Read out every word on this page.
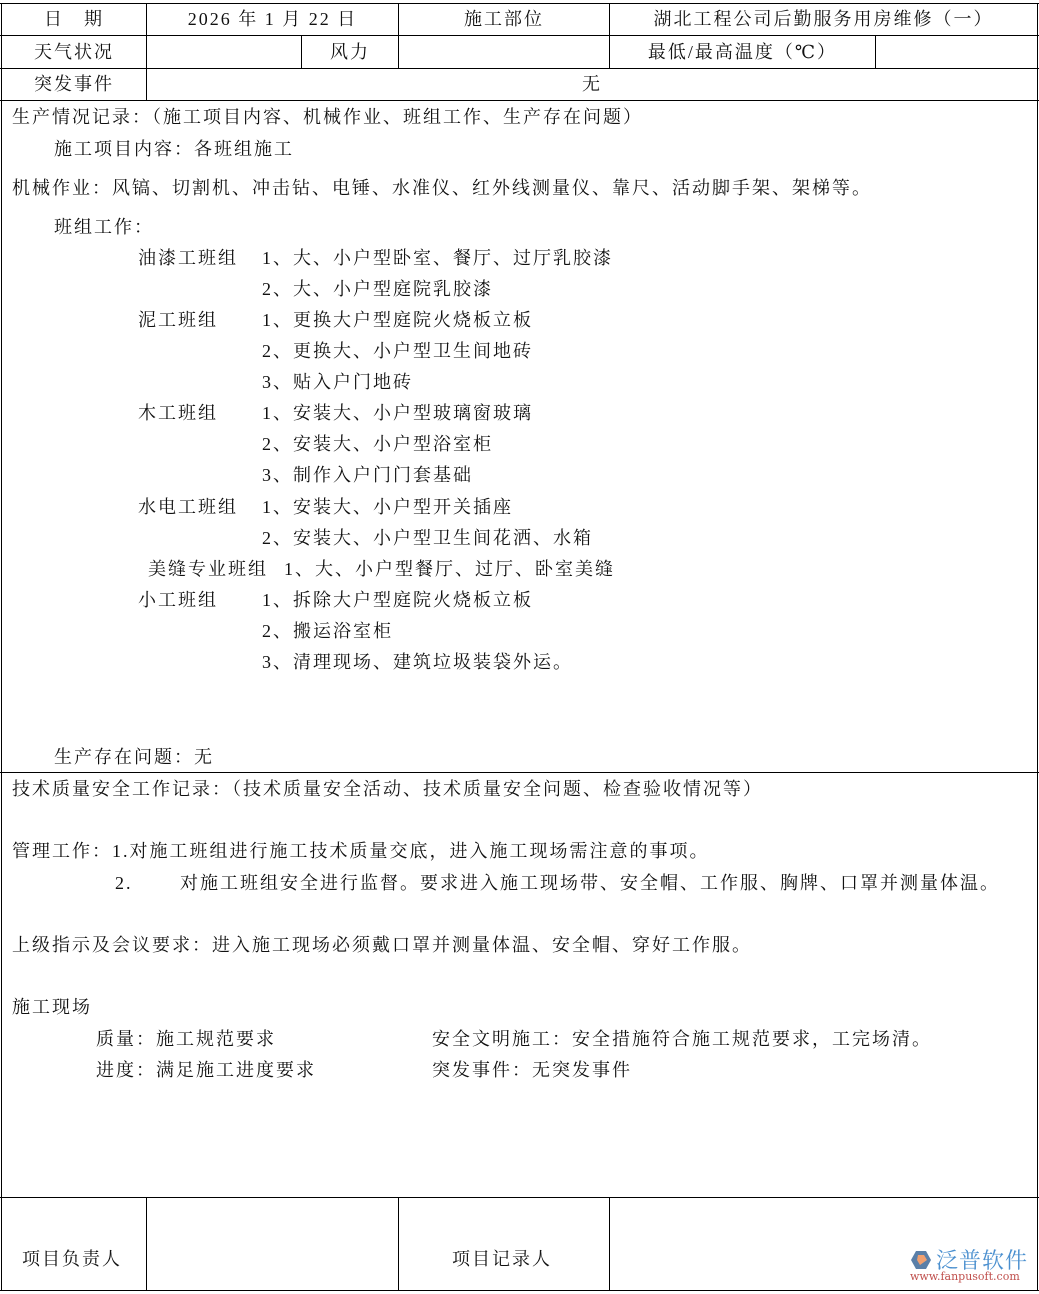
日　期	2026 年 1 月 22 日	施工部位	湖北工程公司后勤服务用房维修（一）
天气状况	风力	最低/最高温度（℃）
突发事件	无
生产情况记录：（施工项目内容、机械作业、班组工作、生产存在问题）
施工项目内容：各班组施工
机械作业：风镐、切割机、冲击钻、电锤、水准仪、红外线测量仪、靠尺、活动脚手架、架梯等。
班组工作：
油漆工班组 1、大、小户型卧室、餐厅、过厅乳胶漆
2、大、小户型庭院乳胶漆
泥工班组 1、更换大户型庭院火烧板立板
2、更换大、小户型卫生间地砖
3、贴入户门地砖
木工班组 1、安装大、小户型玻璃窗玻璃
2、安装大、小户型浴室柜
3、制作入户门门套基础
水电工班组 1、安装大、小户型开关插座
2、安装大、小户型卫生间花洒、水箱
美缝专业班组 1、大、小户型餐厅、过厅、卧室美缝
小工班组 1、拆除大户型庭院火烧板立板
2、搬运浴室柜
3、清理现场、建筑垃圾装袋外运。
生产存在问题：无
技术质量安全工作记录：（技术质量安全活动、技术质量安全问题、检查验收情况等）
管理工作：1.对施工班组进行施工技术质量交底，进入施工现场需注意的事项。
2.	对施工班组安全进行监督。要求进入施工现场带、安全帽、工作服、胸牌、口罩并测量体温。
上级指示及会议要求：进入施工现场必须戴口罩并测量体温、安全帽、穿好工作服。
施工现场
质量：施工规范要求	安全文明施工：安全措施符合施工规范要求，工完场清。
进度：满足施工进度要求	突发事件：无突发事件
项目负责人	项目记录人	泛普软件
www.fanpusoft.com
